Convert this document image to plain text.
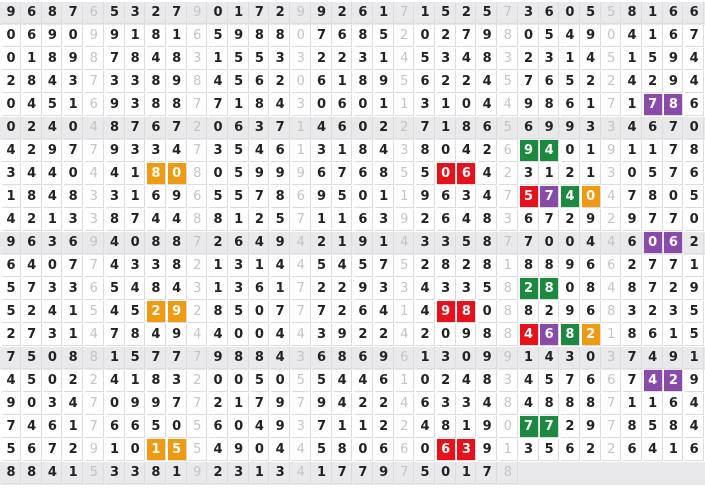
9 6 8 7 6 5 3 2 7 9 0 1 7 2 9 9 2 6 1 7 1 5 2 5 7 3 6 0 5 5 8 1 6 6
0 6 9 0 9 9 1 8 1 6 5 9 8 8 0 7 6 8 5 2 0 2 7 9 8 0 5 4 9 0 4 1 6 7
0 1 8 9 8 7 8 4 8 3 1 5 5 3 3 2 2 3 1 4 5 3 4 8 3 2 3 1 4 5 1 5 9 4
2 8 4 3 7 3 3 8 9 8 4 5 6 2 0 6 1 8 9 5 6 2 2 4 5 7 6 5 2 2 4 2 9 4
0 4 5 1 6 9 3 8 8 7 7 1 8 4 3 0 6 0 1 1 3 1 0 4 4 9 8 6 1 7 1 7 8 6
0 2 4 0 4 8 7 6 7 2 0 6 3 7 1 4 6 0 2 2 7 1 8 6 5 6 9 9 3 3 4 6 7 0
4 2 9 7 7 9 3 3 4 7 3 5 4 6 1 3 1 8 4 3 8 0 4 2 6 9 4 0 1 9 1 1 7 8
3 4 4 0 4 4 1 8 0 8 0 5 9 9 9 6 7 6 8 5 5 0 6 4 2 3 1 2 1 3 0 5 7 6
1 8 4 8 3 3 1 6 9 6 5 5 7 8 6 9 5 0 1 1 9 6 3 4 7 5 7 4 0 4 7 8 0 5
4 2 1 3 3 8 7 4 4 8 8 1 2 5 7 1 1 6 3 9 2 6 4 8 3 6 7 2 9 2 9 7 7 0
9 6 3 6 9 4 0 8 8 7 2 6 4 9 4 2 1 9 1 4 3 3 5 8 7 7 0 0 4 4 6 0 6 2
6 4 0 7 7 4 3 3 8 2 1 3 1 4 4 5 4 5 7 5 2 8 2 8 1 8 8 9 6 6 2 7 7 1
5 7 3 3 6 5 4 8 4 3 1 3 6 1 7 2 2 9 3 3 4 3 3 5 8 2 8 0 8 4 8 7 2 9
5 2 4 1 5 4 5 2 9 2 8 5 0 7 7 7 2 6 4 1 4 9 8 0 8 8 2 9 6 8 3 2 3 5
2 7 3 1 4 7 8 4 9 4 4 0 0 4 4 3 9 2 2 4 2 0 9 8 8 4 6 8 2 1 8 6 1 5
7 5 0 8 8 1 5 7 7 7 9 8 8 4 3 6 8 6 9 6 1 3 0 9 9 1 4 3 0 3 7 4 9 1
4 5 0 2 2 4 1 8 3 2 0 0 5 0 5 5 4 4 6 1 0 2 4 8 3 4 5 7 6 6 7 4 2 9
9 0 3 4 7 0 9 9 7 7 2 1 7 9 7 9 4 2 2 4 6 3 3 4 8 4 8 8 8 7 1 1 6 4
7 4 6 1 7 6 6 5 0 5 6 0 4 9 3 7 1 1 2 2 4 8 1 9 0 7 7 2 9 7 8 5 8 4
5 6 7 2 9 1 0 1 5 5 4 9 0 4 4 5 8 0 6 6 0 6 3 9 1 3 5 6 2 2 6 4 1 6
8 8 4 1 5 3 3 8 1 9 2 3 1 3 4 1 7 7 9 7 5 0 1 7 8
